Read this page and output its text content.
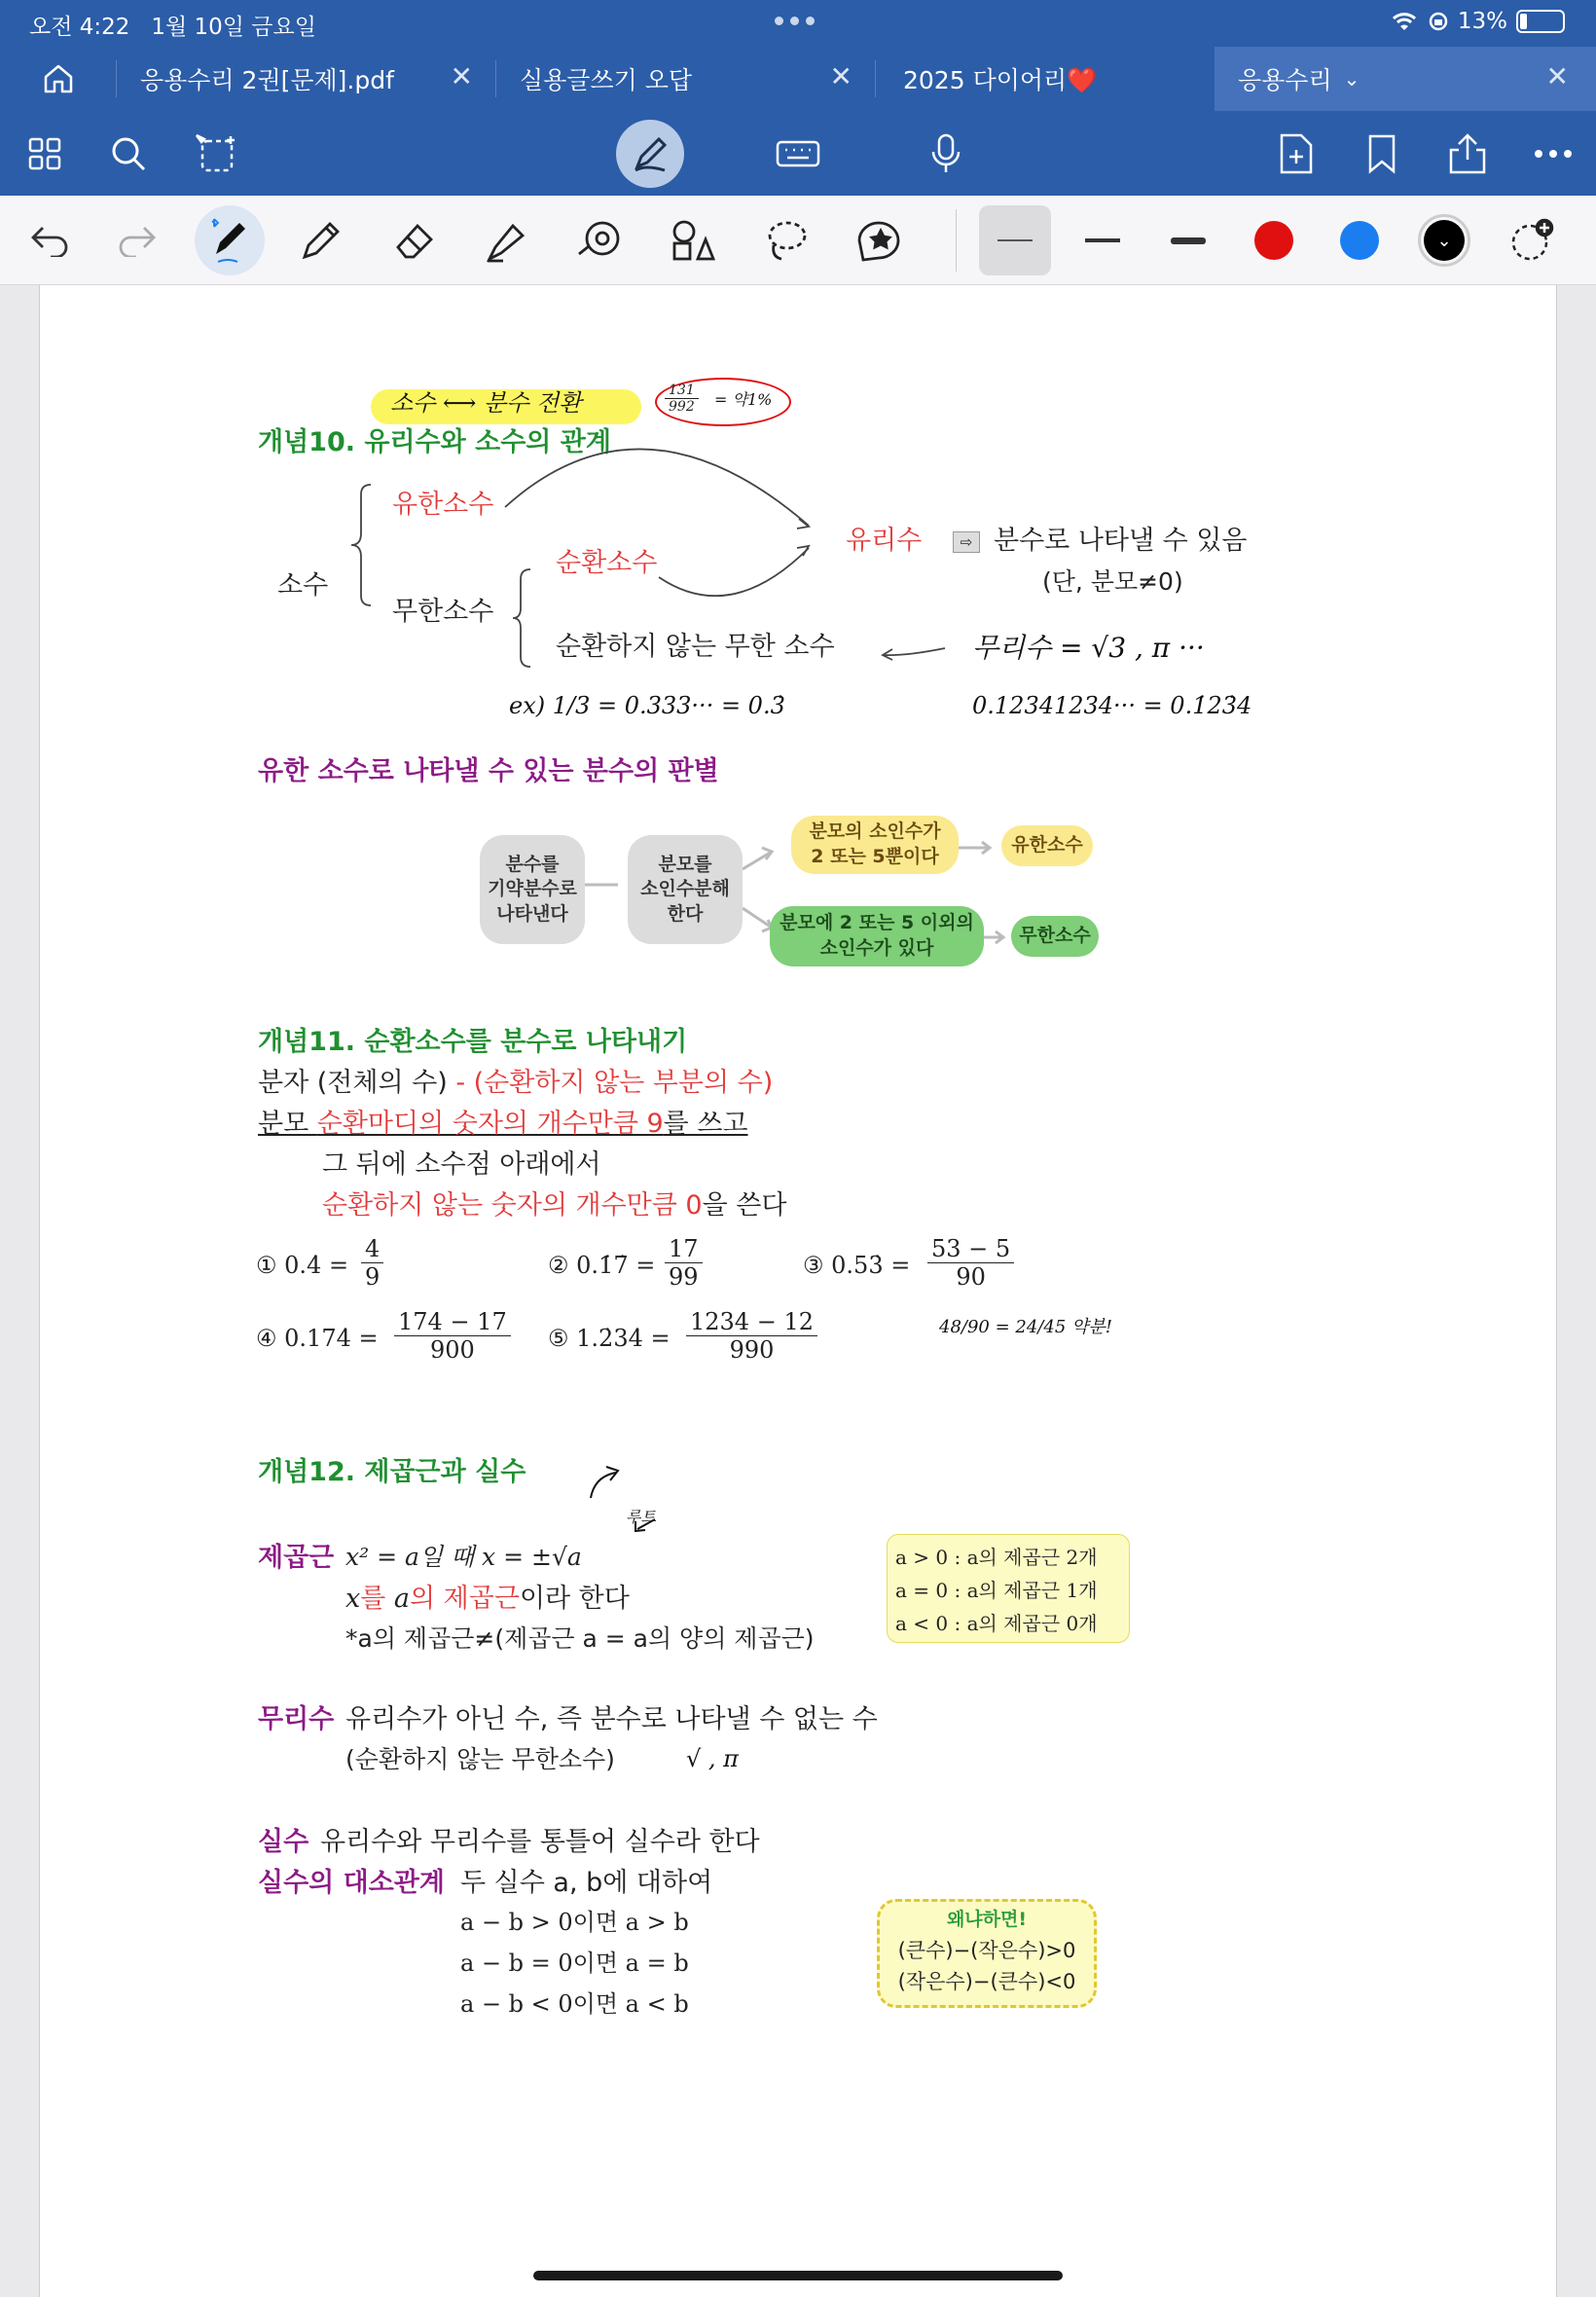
오전 4:22 1월 10일 금요일	13%
응용수리 2권[문제].pdf ✕ 실용글쓰기 오답	✕ 2025 다이어리❤️	응용수리 ⌄	✕
⌄
소수 ⟷ 분수 전환	$\frac{131}{992}$ = 약1%
개념10. 유리수와 소수의 관계
소수
유한소수
무한소수
순환소수
유리수	⇨ 분수로 나타낼 수 있음
(단, 분모≠0)
순환하지 않는 무한 소수	무리수 = √3 , π ···
ex) 1/3 = 0.333··· = 0.3̇	0.12341234··· = 0.1̇23̇4
유한 소수로 나타낼 수 있는 분수의 판별
분수를
기약분수로
나타낸다
분모를
소인수분해
한다
분모의 소인수가
2 또는 5뿐이다
유한소수
분모에 2 또는 5 이외의
소인수가 있다
무한소수
개념11. 순환소수를 분수로 나타내기
분자 (전체의 수) - (순환하지 않는 부분의 수)
분모 순환마디의 숫자의 개수만큼 9를 쓰고
그 뒤에 소수점 아래에서
순환하지 않는 숫자의 개수만큼 0을 쓴다
① 0.4̇ = $\frac{4}{9}$	② 0.1̇7̇ = $\frac{17}{99}$	③ 0.53̇ = $\frac{53 - 5}{90}$
④ 0.174̇ = $\frac{174 - 17}{900}$ ⑤ 1.2̇34̇ = $\frac{1234 - 12}{990}$	48/90 = 24/45 약분!
개념12. 제곱근과 실수
루트
제곱근 x² = a일 때 x = ±√a
x를 a의 제곱근이라 한다
*a의 제곱근≠(제곱근 a = a의 양의 제곱근)
a > 0 : a의 제곱근 2개
a = 0 : a의 제곱근 1개
a < 0 : a의 제곱근 0개
무리수 유리수가 아닌 수, 즉 분수로 나타낼 수 없는 수
(순환하지 않는 무한소수)	√ , π
실수 유리수와 무리수를 통틀어 실수라 한다
실수의 대소관계 두 실수 a, b에 대하여
a − b > 0이면 a > b
a − b = 0이면 a = b
a − b < 0이면 a < b
왜냐하면!
(큰수)−(작은수)>0
(작은수)−(큰수)<0
